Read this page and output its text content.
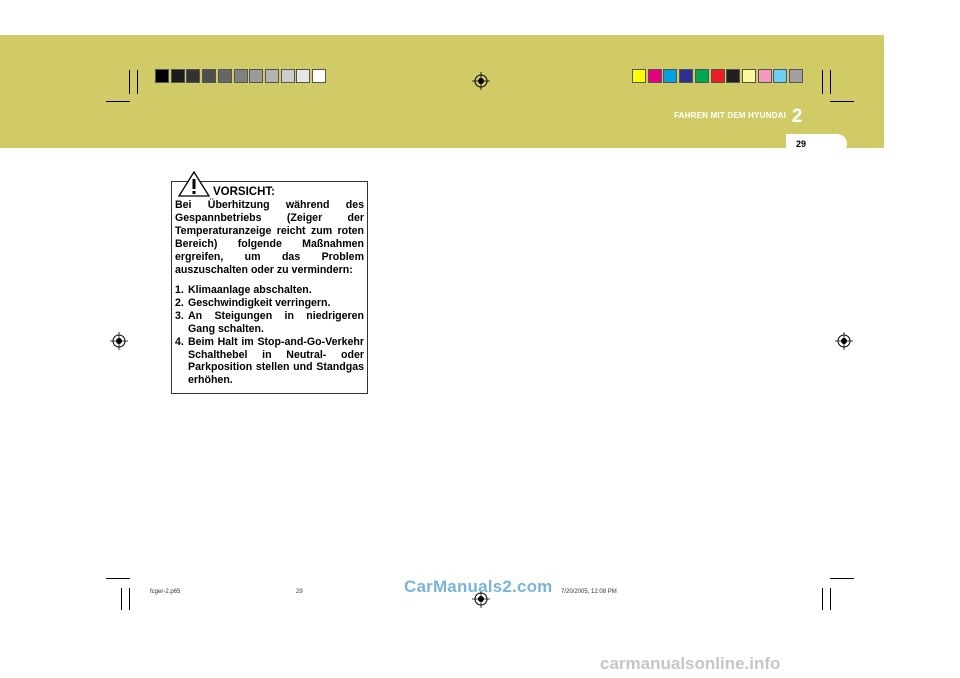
FAHREN MIT DEM HYUNDAI 2
29
VORSICHT:
Bei Überhitzung während des Gespannbetriebs (Zeiger der Temperaturanzeige reicht zum roten Bereich) folgende Maßnahmen ergreifen, um das Problem auszuschalten oder zu vermindern:
1. Klimaanlage abschalten.
2. Geschwindigkeit verringern.
3. An Steigungen in niedrigeren Gang schalten.
4. Beim Halt im Stop-and-Go-Verkehr Schalthebel in Neutral- oder Parkposition stellen und Standgas erhöhen.
fcger-2.p65	29	7/20/2005, 12:08 PM
CarManuals2.com
carmanualsonline.info
